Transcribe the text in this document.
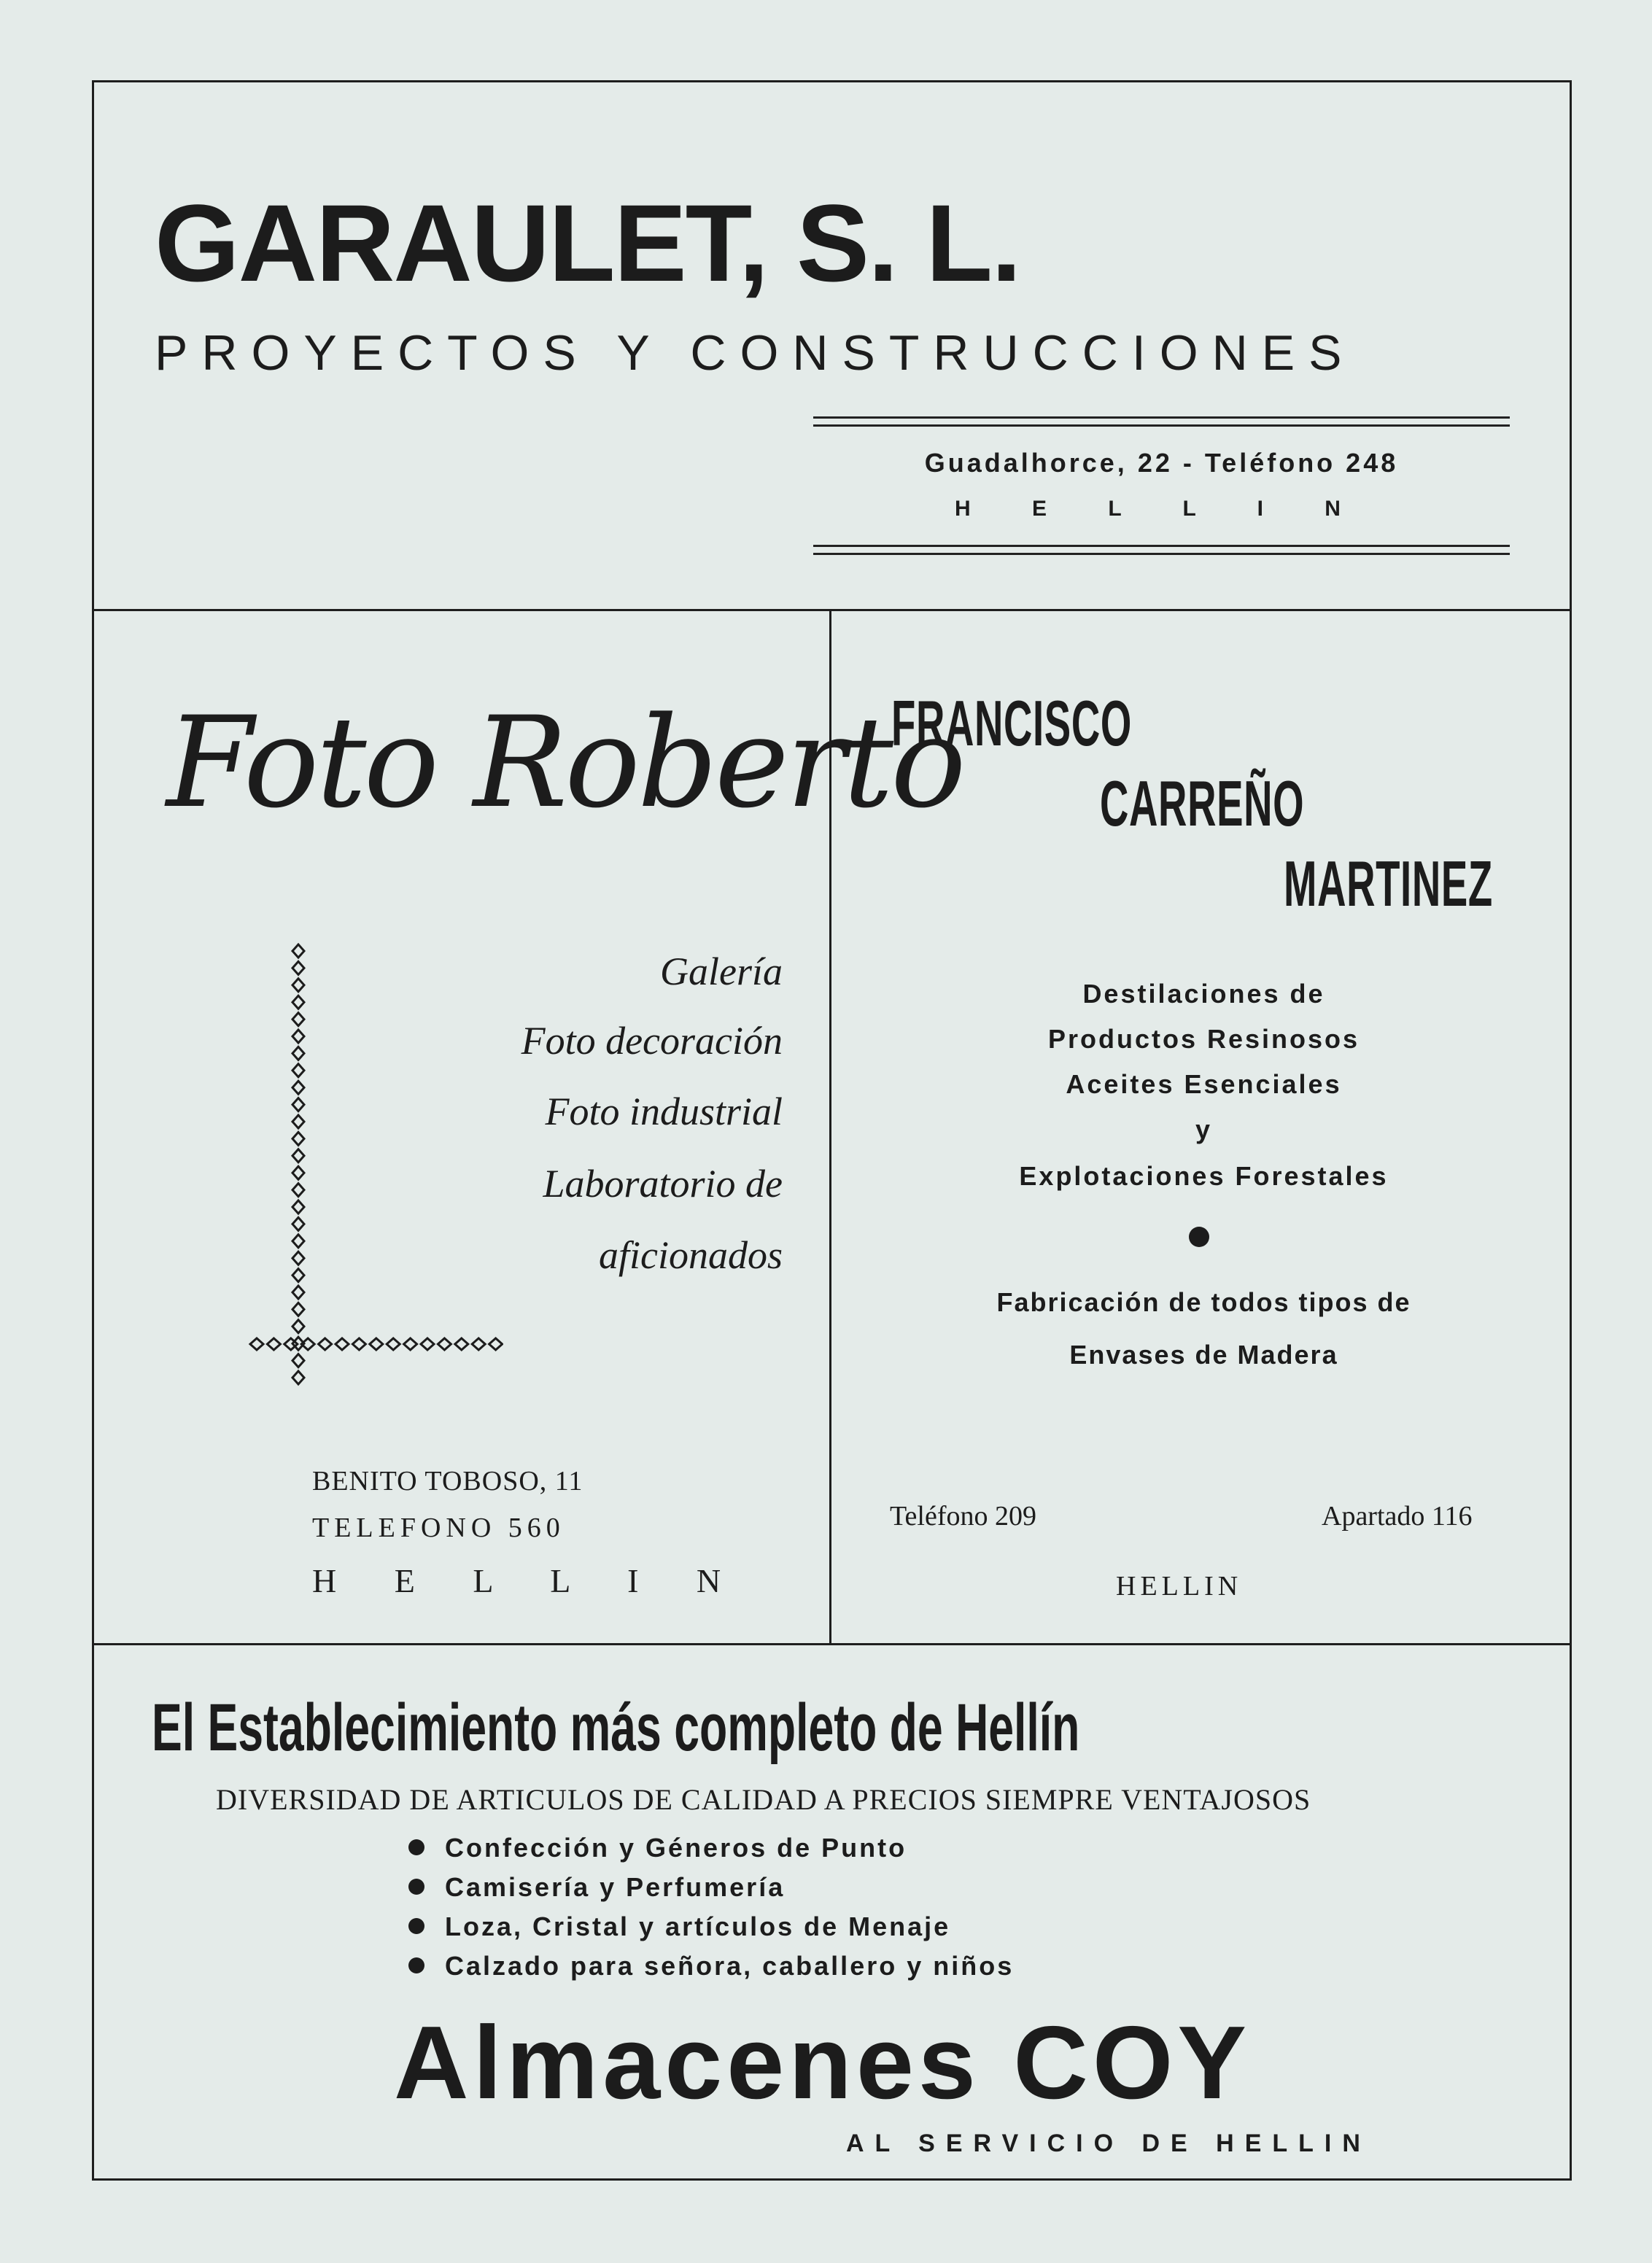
GARAULET, S. L.
PROYECTOS Y CONSTRUCCIONES
Guadalhorce, 22 - Teléfono 248
H E L L I N
Foto Roberto
Galería
Foto decoración
Foto industrial
Laboratorio de
aficionados
BENITO TOBOSO, 11
TELEFONO 560
H E L L I N
FRANCISCO
CARREÑO
MARTINEZ
Destilaciones de
Productos Resinosos
Aceites Esenciales
y
Explotaciones Forestales
Fabricación de todos tipos de
Envases de Madera
Teléfono 209	Apartado 116
HELLIN
El Establecimiento más completo de Hellín
DIVERSIDAD DE ARTICULOS DE CALIDAD A PRECIOS SIEMPRE VENTAJOSOS
Confección y Géneros de Punto
Camisería y Perfumería
Loza, Cristal y artículos de Menaje
Calzado para señora, caballero y niños
Almacenes COY
AL SERVICIO DE HELLIN
